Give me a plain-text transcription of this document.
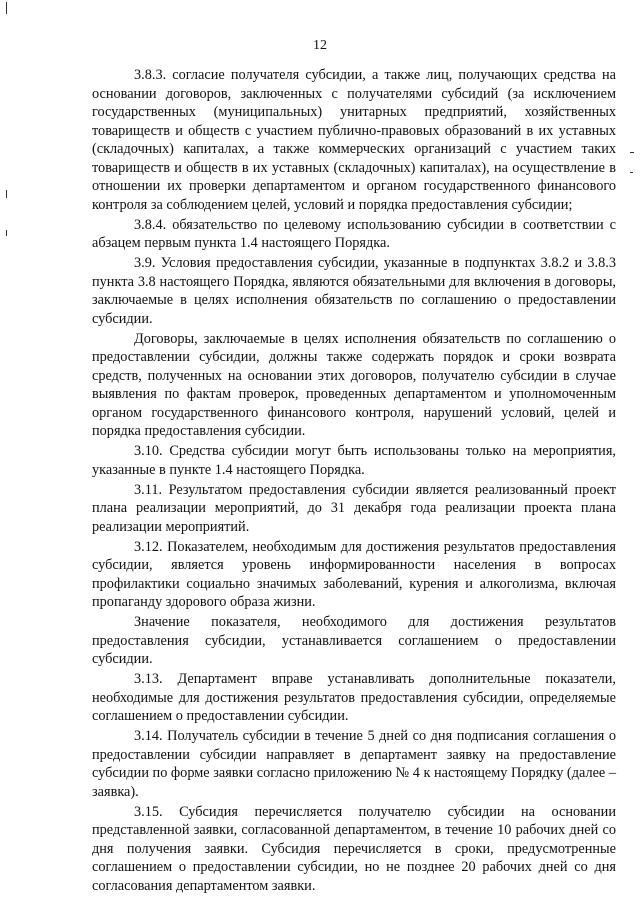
12

3.8.3. согласие получателя субсидии, а также лиц, получающих средства на основании договоров, заключенных с получателями субсидий (за исключением государственных (муниципальных) унитарных предприятий, хозяйственных товариществ и обществ с участием публично-правовых образований в их уставных (складочных) капиталах, а также коммерческих организаций с участием таких товариществ и обществ в их уставных (складочных) капиталах), на осуществление в отношении их проверки департаментом и органом государственного финансового контроля за соблюдением целей, условий и порядка предоставления субсидии;

3.8.4. обязательство по целевому использованию субсидии в соответствии с абзацем первым пункта 1.4 настоящего Порядка.

3.9. Условия предоставления субсидии, указанные в подпунктах 3.8.2 и 3.8.3 пункта 3.8 настоящего Порядка, являются обязательными для включения в договоры, заключаемые в целях исполнения обязательств по соглашению о предоставлении субсидии.

Договоры, заключаемые в целях исполнения обязательств по соглашению о предоставлении субсидии, должны также содержать порядок и сроки возврата средств, полученных на основании этих договоров, получателю субсидии в случае выявления по фактам проверок, проведенных департаментом и уполномоченным органом государственного финансового контроля, нарушений условий, целей и порядка предоставления субсидии.

3.10. Средства субсидии могут быть использованы только на мероприятия, указанные в пункте 1.4 настоящего Порядка.

3.11. Результатом предоставления субсидии является реализованный проект плана реализации мероприятий, до 31 декабря года реализации проекта плана реализации мероприятий.

3.12. Показателем, необходимым для достижения результатов предоставления субсидии, является уровень информированности населения в вопросах профилактики социально значимых заболеваний, курения и алкоголизма, включая пропаганду здорового образа жизни.

Значение показателя, необходимого для достижения результатов предоставления субсидии, устанавливается соглашением о предоставлении субсидии.

3.13. Департамент вправе устанавливать дополнительные показатели, необходимые для достижения результатов предоставления субсидии, определяемые соглашением о предоставлении субсидии.

3.14. Получатель субсидии в течение 5 дней со дня подписания соглашения о предоставлении субсидии направляет в департамент заявку на предоставление субсидии по форме заявки согласно приложению № 4 к настоящему Порядку (далее – заявка).

3.15. Субсидия перечисляется получателю субсидии на основании представленной заявки, согласованной департаментом, в течение 10 рабочих дней со дня получения заявки. Субсидия перечисляется в сроки, предусмотренные соглашением о предоставлении субсидии, но не позднее 20 рабочих дней со дня согласования департаментом заявки.
